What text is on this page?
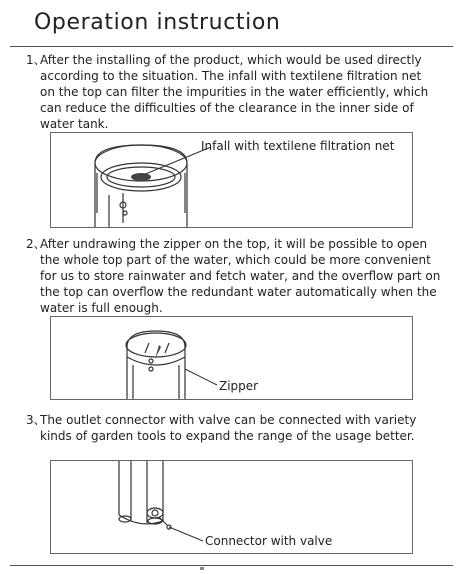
Operation instruction
1、
After the installing of the product, which would be used directly
according to the situation. The infall with textilene filtration net
on the top can filter the impurities in the water efficiently, which
can reduce the difficulties of the clearance in the inner side of
water tank.
Infall with textilene filtration net
2、
After undrawing the zipper on the top, it will be possible to open
the whole top part of the water, which could be more convenient
for us to store rainwater and fetch water, and the overflow part on
the top can overflow the redundant water automatically when the
water is full enough.
Zipper
3、
The outlet connector with valve can be connected with variety
kinds of garden tools to expand the range of the usage better.
Connector with valve
